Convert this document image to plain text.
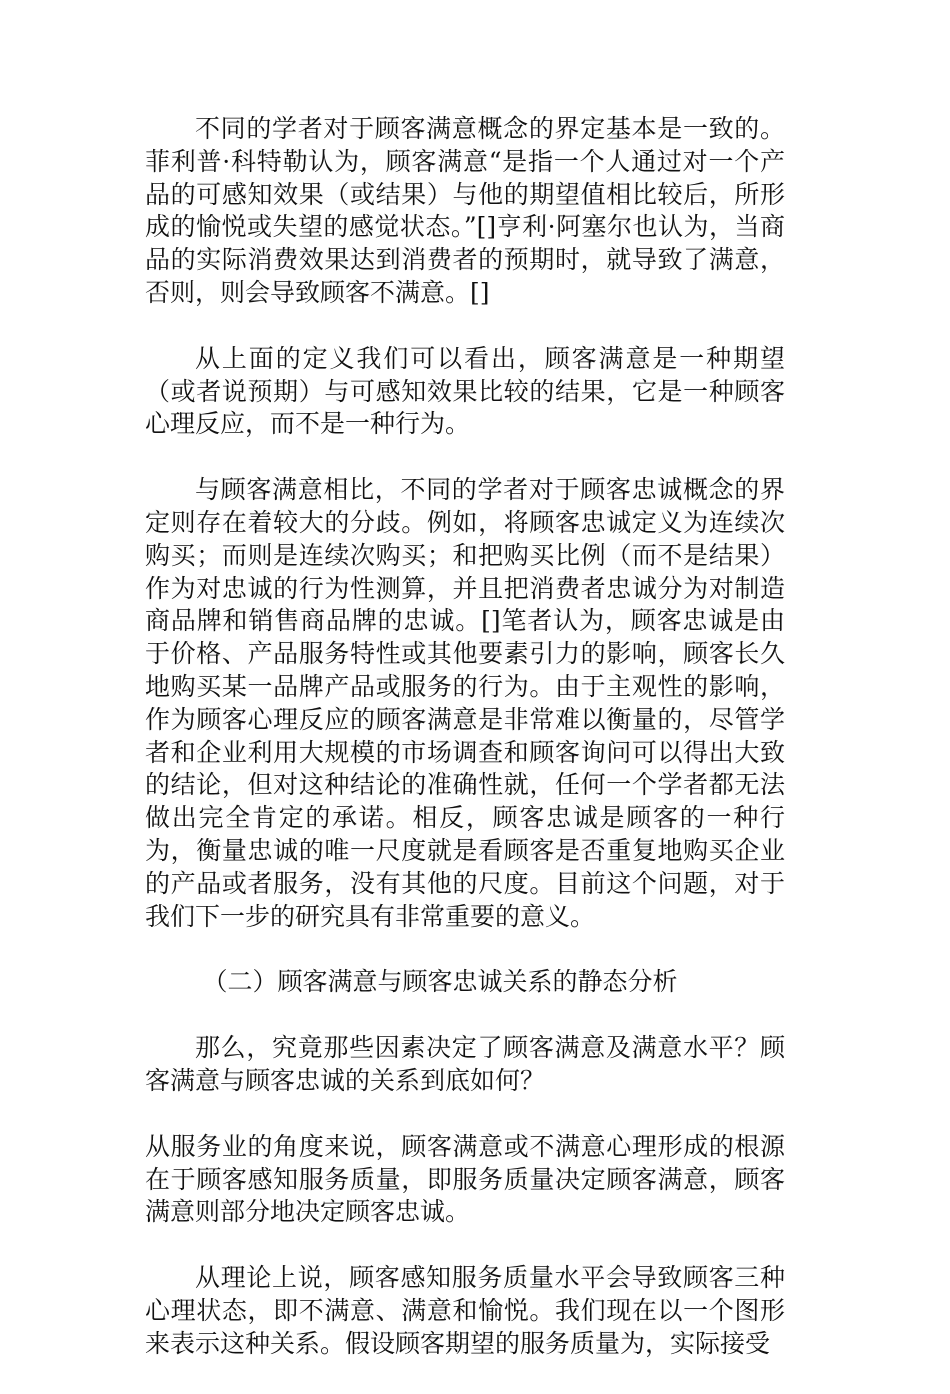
不同的学者对于顾客满意概念的界定基本是一致的。菲利普·科特勒认为，顾客满意“是指一个人通过对一个产品的可感知效果（或结果）与他的期望值相比较后，所形成的愉悦或失望的感觉状态。”[]亨利·阿塞尔也认为，当商品的实际消费效果达到消费者的预期时，就导致了满意，否则，则会导致顾客不满意。[]

从上面的定义我们可以看出，顾客满意是一种期望（或者说预期）与可感知效果比较的结果，它是一种顾客心理反应，而不是一种行为。

与顾客满意相比，不同的学者对于顾客忠诚概念的界定则存在着较大的分歧。例如，将顾客忠诚定义为连续次购买；而则是连续次购买；和把购买比例（而不是结果）作为对忠诚的行为性测算，并且把消费者忠诚分为对制造商品牌和销售商品牌的忠诚。[]笔者认为，顾客忠诚是由于价格、产品服务特性或其他要素引力的影响，顾客长久地购买某一品牌产品或服务的行为。由于主观性的影响，作为顾客心理反应的顾客满意是非常难以衡量的，尽管学者和企业利用大规模的市场调查和顾客询问可以得出大致的结论，但对这种结论的准确性就，任何一个学者都无法做出完全肯定的承诺。相反，顾客忠诚是顾客的一种行为，衡量忠诚的唯一尺度就是看顾客是否重复地购买企业的产品或者服务，没有其他的尺度。目前这个问题，对于我们下一步的研究具有非常重要的意义。

（二）顾客满意与顾客忠诚关系的静态分析

那么，究竟那些因素决定了顾客满意及满意水平？顾客满意与顾客忠诚的关系到底如何？

从服务业的角度来说，顾客满意或不满意心理形成的根源在于顾客感知服务质量，即服务质量决定顾客满意，顾客满意则部分地决定顾客忠诚。

从理论上说，顾客感知服务质量水平会导致顾客三种心理状态，即不满意、满意和愉悦。我们现在以一个图形来表示这种关系。假设顾客期望的服务质量为，实际接受
